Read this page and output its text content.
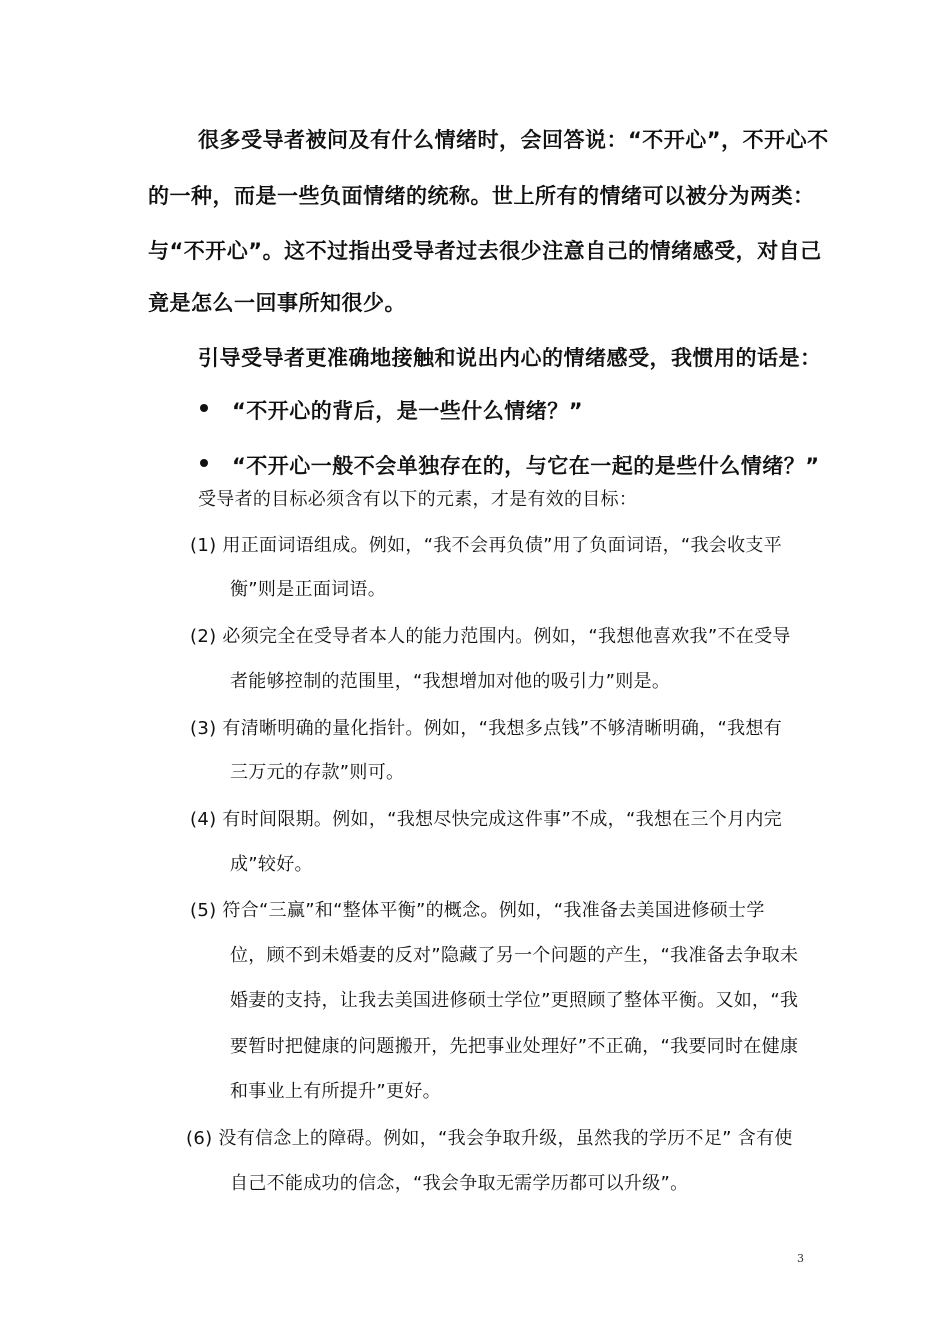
很多受导者被问及有什么情绪时，会回答说：“不开心”，不开心不
的一种，而是一些负面情绪的统称。世上所有的情绪可以被分为两类：
与“不开心”。这不过指出受导者过去很少注意自己的情绪感受，对自己
竟是怎么一回事所知很少。
引导受导者更准确地接触和说出内心的情绪感受，我惯用的话是：
“不开心的背后，是一些什么情绪？”
“不开心一般不会单独存在的，与它在一起的是些什么情绪？”
受导者的目标必须含有以下的元素，才是有效的目标：
(1) 用正面词语组成。例如，“我不会再负债”用了负面词语，“我会收支平
衡”则是正面词语。
(2) 必须完全在受导者本人的能力范围内。例如，“我想他喜欢我”不在受导
者能够控制的范围里，“我想增加对他的吸引力”则是。
(3) 有清晰明确的量化指针。例如，“我想多点钱”不够清晰明确，“我想有
三万元的存款”则可。
(4) 有时间限期。例如，“我想尽快完成这件事”不成，“我想在三个月内完
成”较好。
(5) 符合“三赢”和“整体平衡”的概念。例如，“我准备去美国进修硕士学
位，顾不到未婚妻的反对”隐藏了另一个问题的产生，“我准备去争取未
婚妻的支持，让我去美国进修硕士学位”更照顾了整体平衡。又如，“我
要暂时把健康的问题搬开，先把事业处理好”不正确，“我要同时在健康
和事业上有所提升”更好。
(6) 没有信念上的障碍。例如，“我会争取升级，虽然我的学历不足” 含有使
自己不能成功的信念，“我会争取无需学历都可以升级”。
3
